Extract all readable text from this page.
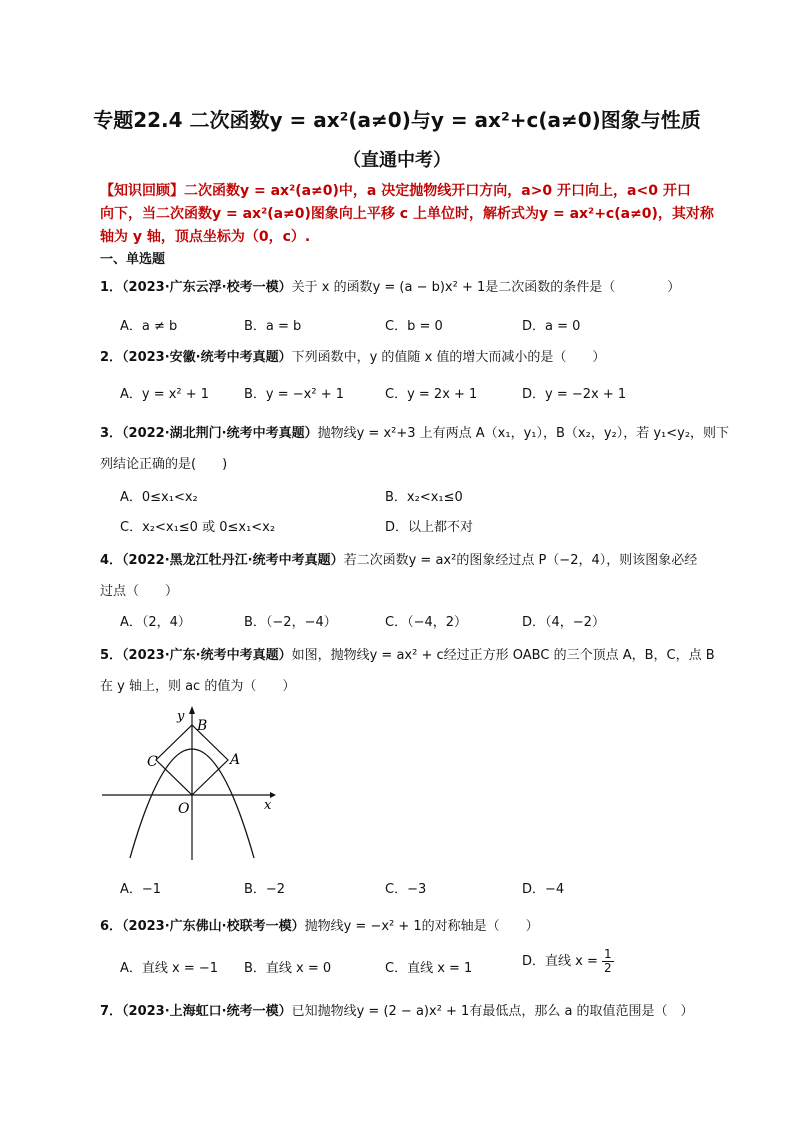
专题22.4 二次函数y = ax²(a≠0)与y = ax²+c(a≠0)图象与性质
（直通中考）

【知识回顾】二次函数y = ax²(a≠0)中，a 决定抛物线开口方向，a>0 开口向上，a<0 开口

向下，当二次函数y = ax²(a≠0)图象向上平移 c 上单位时，解析式为y = ax²+c(a≠0)，其对称

轴为 y 轴，顶点坐标为（0，c）.

一、单选题
1．（2023·广东云浮·校考一模）关于 x 的函数y = (a − b)x² + 1是二次函数的条件是（　　　　）
A．a ≠ b	B．a = b	C．b = 0	D．a = 0
2．（2023·安徽·统考中考真题）下列函数中，y 的值随 x 值的增大而减小的是（　　）
A．y = x² + 1	B．y = −x² + 1	C．y = 2x + 1	D．y = −2x + 1
3．（2022·湖北荆门·统考中考真题）抛物线y = x²+3 上有两点 A（x₁，y₁），B（x₂，y₂），若 y₁<y₂，则下
列结论正确的是(　　)
A．0≤x₁<x₂	B．x₂<x₁≤0
C．x₂<x₁≤0 或 0≤x₁<x₂	D．以上都不对
4．（2022·黑龙江牡丹江·统考中考真题）若二次函数y = ax²的图象经过点 P（−2，4），则该图象必经
过点（　　）
A．（2，4）	B．（−2，−4）	C．（−4，2）	D．（4，−2）
5．（2023·广东·统考中考真题）如图，抛物线y = ax² + c经过正方形 OABC 的三个顶点 A，B，C，点 B
在 y 轴上，则 ac 的值为（　　）
y
B
C	A
O	x
A．−1	B．−2	C．−3	D．−4
6．（2023·广东佛山·校联考一模）抛物线y = −x² + 1的对称轴是（　　）
A．直线 x = −1 B．直线 x = 0	C．直线 x = 1	D．直线 $x = \frac{1}{2}$
7．（2023·上海虹口·统考一模）已知抛物线y = (2 − a)x² + 1有最低点，那么 a 的取值范围是（　）
